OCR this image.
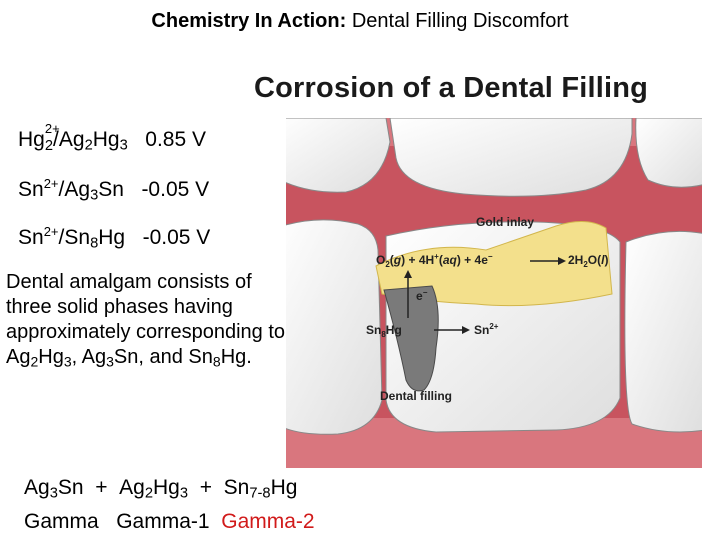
Chemistry In Action: Dental Filling Discomfort
Hg 2+
$_2/Ag_2Hg_3$ 0.85 V
$Sn^{2+}/Ag_3Sn$   -0.05 V
$Sn^{2+}/Sn_8Hg$   -0.05 V
Dental amalgam consists of three solid phases having approximately corresponding to $Ag_2Hg_3$, $Ag_3Sn$, and $Sn_8Hg$.
$Ag_3Sn + Ag_2Hg_3 + Sn_{7-8}Hg$
Gamma Gamma-1 Gamma-2
Corrosion of a Dental Filling
Gold inlay
$O_2(g) + 4H^+(aq) + 4e^-$	$2H_2O(l)$
e−
$Sn_8Hg$	$Sn^{2+}$
Dental filling
